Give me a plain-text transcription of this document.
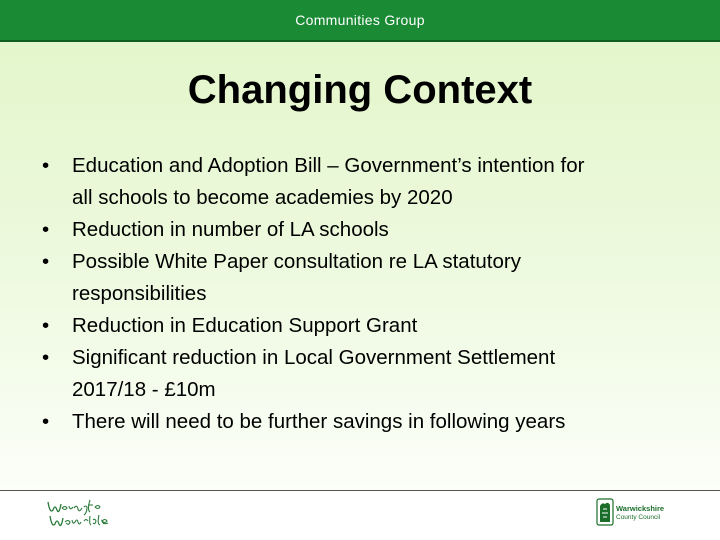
Communities Group
Changing Context
•	Education and Adoption Bill – Government’s intention for
all schools to become academies by 2020
•	Reduction in number of LA schools
•	Possible White Paper consultation re LA statutory
responsibilities
•	Reduction in Education Support Grant
•	Significant reduction in Local Government Settlement
2017/18 - £10m
•	There will need to be further savings in following years
Warwickshire
County Council
